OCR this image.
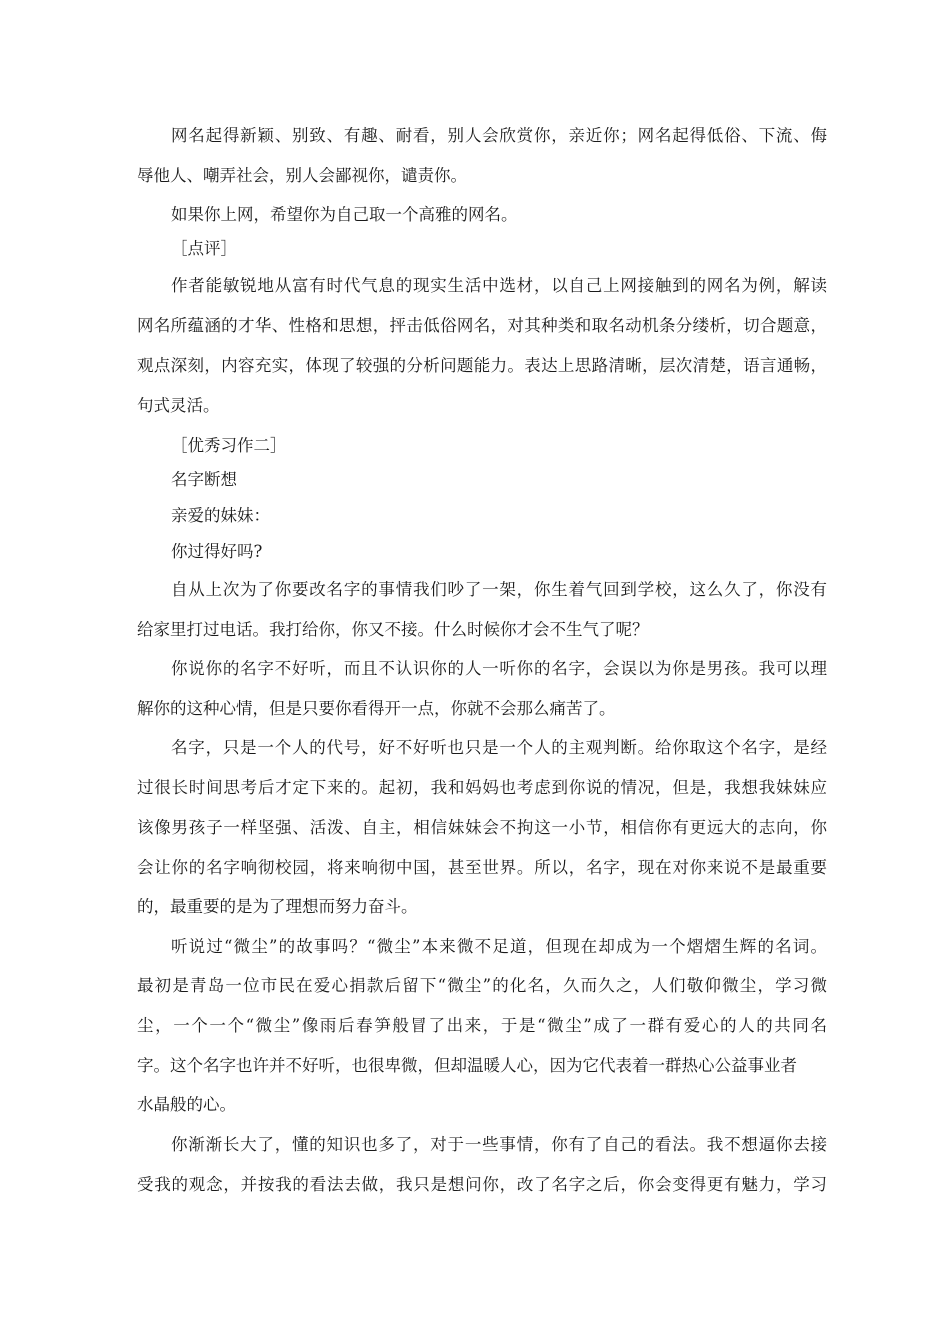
网名起得新颖、别致、有趣、耐看，别人会欣赏你，亲近你；网名起得低俗、下流、侮
辱他人、嘲弄社会，别人会鄙视你，谴责你。
如果你上网，希望你为自己取一个高雅的网名。
［点评］
作者能敏锐地从富有时代气息的现实生活中选材，以自己上网接触到的网名为例，解读
网名所蕴涵的才华、性格和思想，抨击低俗网名，对其种类和取名动机条分缕析，切合题意，
观点深刻，内容充实，体现了较强的分析问题能力。表达上思路清晰，层次清楚，语言通畅，
句式灵活。
［优秀习作二］
名字断想
亲爱的妹妹：
你过得好吗?
自从上次为了你要改名字的事情我们吵了一架，你生着气回到学校，这么久了，你没有
给家里打过电话。我打给你，你又不接。什么时候你才会不生气了呢？
你说你的名字不好听，而且不认识你的人一听你的名字，会误以为你是男孩。我可以理
解你的这种心情，但是只要你看得开一点，你就不会那么痛苦了。
名字，只是一个人的代号，好不好听也只是一个人的主观判断。给你取这个名字，是经
过很长时间思考后才定下来的。起初，我和妈妈也考虑到你说的情况，但是，我想我妹妹应
该像男孩子一样坚强、活泼、自主，相信妹妹会不拘这一小节，相信你有更远大的志向，你
会让你的名字响彻校园，将来响彻中国，甚至世界。所以，名字，现在对你来说不是最重要
的，最重要的是为了理想而努力奋斗。
听说过“微尘”的故事吗？“微尘”本来微不足道，但现在却成为一个熠熠生辉的名词。
最初是青岛一位市民在爱心捐款后留下“微尘”的化名，久而久之，人们敬仰微尘，学习微
尘，一个一个“微尘”像雨后春笋般冒了出来，于是“微尘”成了一群有爱心的人的共同名
字。这个名字也许并不好听，也很卑微，但却温暖人心，因为它代表着一群热心公益事业者
水晶般的心。
你渐渐长大了，懂的知识也多了，对于一些事情，你有了自己的看法。我不想逼你去接
受我的观念，并按我的看法去做，我只是想问你，改了名字之后，你会变得更有魅力，学习
